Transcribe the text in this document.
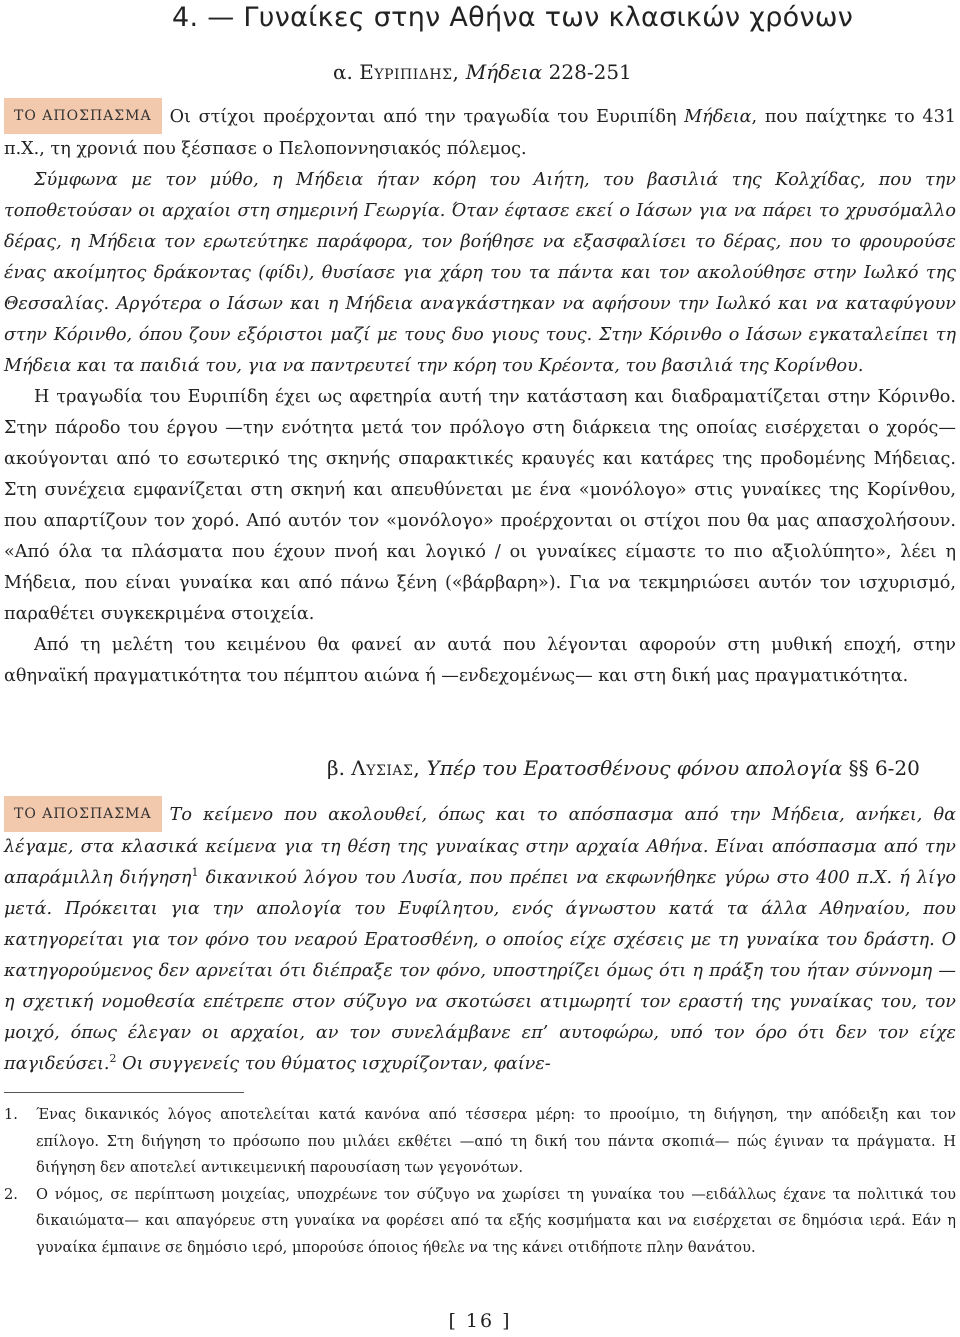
4. — Γυναίκες στην Αθήνα των κλασικών χρόνων
α. Ευριπιδης, Μήδεια 228-251

ΤΟ ΑΠΟΣΠΑΣΜΑ Οι στίχοι προέρχονται από την τραγωδία του Ευριπίδη Μήδεια, που παίχτηκε το 431 π.Χ., τη χρονιά που ξέσπασε ο Πελοποννησιακός πόλεμος.

Σύμφωνα με τον μύθο, η Μήδεια ήταν κόρη του Αιήτη, του βασιλιά της Κολχίδας, που την τοποθετούσαν οι αρχαίοι στη σημερινή Γεωργία. Όταν έφτασε εκεί ο Ιάσων για να πάρει το χρυσόμαλλο δέρας, η Μήδεια τον ερωτεύτηκε παράφορα, τον βοήθησε να εξασφαλίσει το δέρας, που το φρουρούσε ένας ακοίμητος δράκοντας (φίδι), θυσίασε για χάρη του τα πάντα και τον ακολούθησε στην Ιωλκό της Θεσσαλίας. Αργότερα ο Ιάσων και η Μήδεια αναγκάστηκαν να αφήσουν την Ιωλκό και να καταφύγουν στην Κόρινθο, όπου ζουν εξόριστοι μαζί με τους δυο γιους τους. Στην Κόρινθο ο Ιάσων εγκαταλείπει τη Μήδεια και τα παιδιά του, για να παντρευτεί την κόρη του Κρέοντα, του βασιλιά της Κορίνθου.

Η τραγωδία του Ευριπίδη έχει ως αφετηρία αυτή την κατάσταση και διαδραματίζεται στην Κόρινθο. Στην πάροδο του έργου —την ενότητα μετά τον πρόλογο στη διάρκεια της οποίας εισέρχεται ο χορός— ακούγονται από το εσωτερικό της σκηνής σπαρακτικές κραυγές και κατάρες της προδομένης Μήδειας. Στη συνέχεια εμφανίζεται στη σκηνή και απευθύνεται με ένα «μονόλογο» στις γυναίκες της Κορίνθου, που απαρτίζουν τον χορό. Από αυτόν τον «μονόλογο» προέρχονται οι στίχοι που θα μας απασχολήσουν. «Από όλα τα πλάσματα που έχουν πνοή και λογικό / οι γυναίκες είμαστε το πιο αξιολύπητο», λέει η Μήδεια, που είναι γυναίκα και από πάνω ξένη («βάρβαρη»). Για να τεκμηριώσει αυτόν τον ισχυρισμό, παραθέτει συγκεκριμένα στοιχεία.

Από τη μελέτη του κειμένου θα φανεί αν αυτά που λέγονται αφορούν στη μυθική εποχή, στην αθηναϊκή πραγματικότητα του πέμπτου αιώνα ή —ενδεχομένως— και στη δική μας πραγματικότητα.

β. Λυσιας, Υπέρ του Ερατοσθένους φόνου απολογία §§ 6-20

ΤΟ ΑΠΟΣΠΑΣΜΑ Το κείμενο που ακολουθεί, όπως και το απόσπασμα από την Μήδεια, ανήκει, θα λέγαμε, στα κλασικά κείμενα για τη θέση της γυναίκας στην αρχαία Αθήνα. Είναι απόσπασμα από την απαράμιλλη διήγηση$^1$ δικανικού λόγου του Λυσία, που πρέπει να εκφωνήθηκε γύρω στο 400 π.Χ. ή λίγο μετά. Πρόκειται για την απολογία του Ευφίλητου, ενός άγνωστου κατά τα άλλα Αθηναίου, που κατηγορείται για τον φόνο του νεαρού Ερατοσθένη, ο οποίος είχε σχέσεις με τη γυναίκα του δράστη. Ο κατηγορούμενος δεν αρνείται ότι διέπραξε τον φόνο, υποστηρίζει όμως ότι η πράξη του ήταν σύννομη —η σχετική νομοθεσία επέτρεπε στον σύζυγο να σκοτώσει ατιμωρητί τον εραστή της γυναίκας του, τον μοιχό, όπως έλεγαν οι αρχαίοι, αν τον συνελάμβανε επ’ αυτοφώρω, υπό τον όρο ότι δεν τον είχε παγιδεύσει.$^2$ Οι συγγενείς του θύματος ισχυρίζονταν, φαίνε-

1.	Ένας δικανικός λόγος αποτελείται κατά κανόνα από τέσσερα μέρη: το προοίμιο, τη διήγηση, την απόδειξη και τον επίλογο. Στη διήγηση το πρόσωπο που μιλάει εκθέτει —από τη δική του πάντα σκοπιά— πώς έγιναν τα πράγματα. Η διήγηση δεν αποτελεί αντικειμενική παρουσίαση των γεγονότων.
2.	Ο νόμος, σε περίπτωση μοιχείας, υποχρέωνε τον σύζυγο να χωρίσει τη γυναίκα του —ειδάλλως έχανε τα πολιτικά του δικαιώματα— και απαγόρευε στη γυναίκα να φορέσει από τα εξής κοσμήματα και να εισέρχεται σε δημόσια ιερά. Εάν η γυναίκα έμπαινε σε δημόσιο ιερό, μπορούσε όποιος ήθελε να της κάνει οτιδήποτε πλην θανάτου.
[ 16 ]
